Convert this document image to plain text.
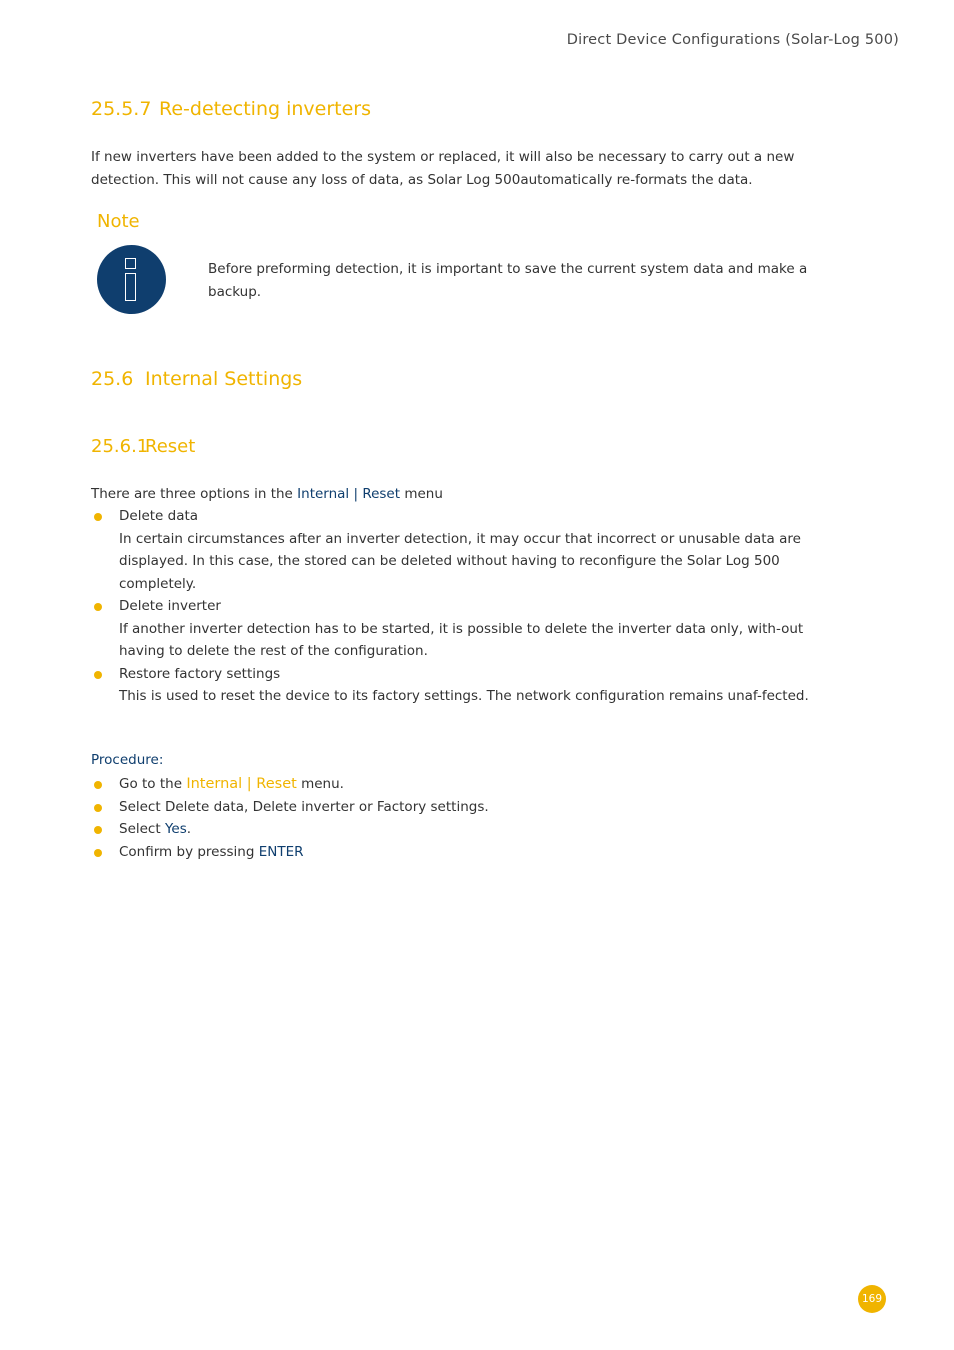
Direct Device Configurations (Solar-Log 500)
25.5.7 Re-detecting inverters

If new inverters have been added to the system or replaced, it will also be necessary to carry out a new detection. This will not cause any loss of data, as Solar Log 500automatically re-formats the data.

Note

Before preforming detection, it is important to save the current system data and make a backup.

25.6 Internal Settings
25.6.1Reset

There are three options in the Internal | Reset menu

Delete data
In certain circumstances after an inverter detection, it may occur that incorrect or unusable data are displayed. In this case, the stored can be deleted without having to reconfigure the Solar Log 500 completely.
Delete inverter
If another inverter detection has to be started, it is possible to delete the inverter data only, with-out having to delete the rest of the configuration.
Restore factory settings
This is used to reset the device to its factory settings. The network configuration remains unaf-fected.
Procedure:
Go to the Internal | Reset menu.
Select Delete data, Delete inverter or Factory settings.
Select Yes.
Confirm by pressing ENTER
169
